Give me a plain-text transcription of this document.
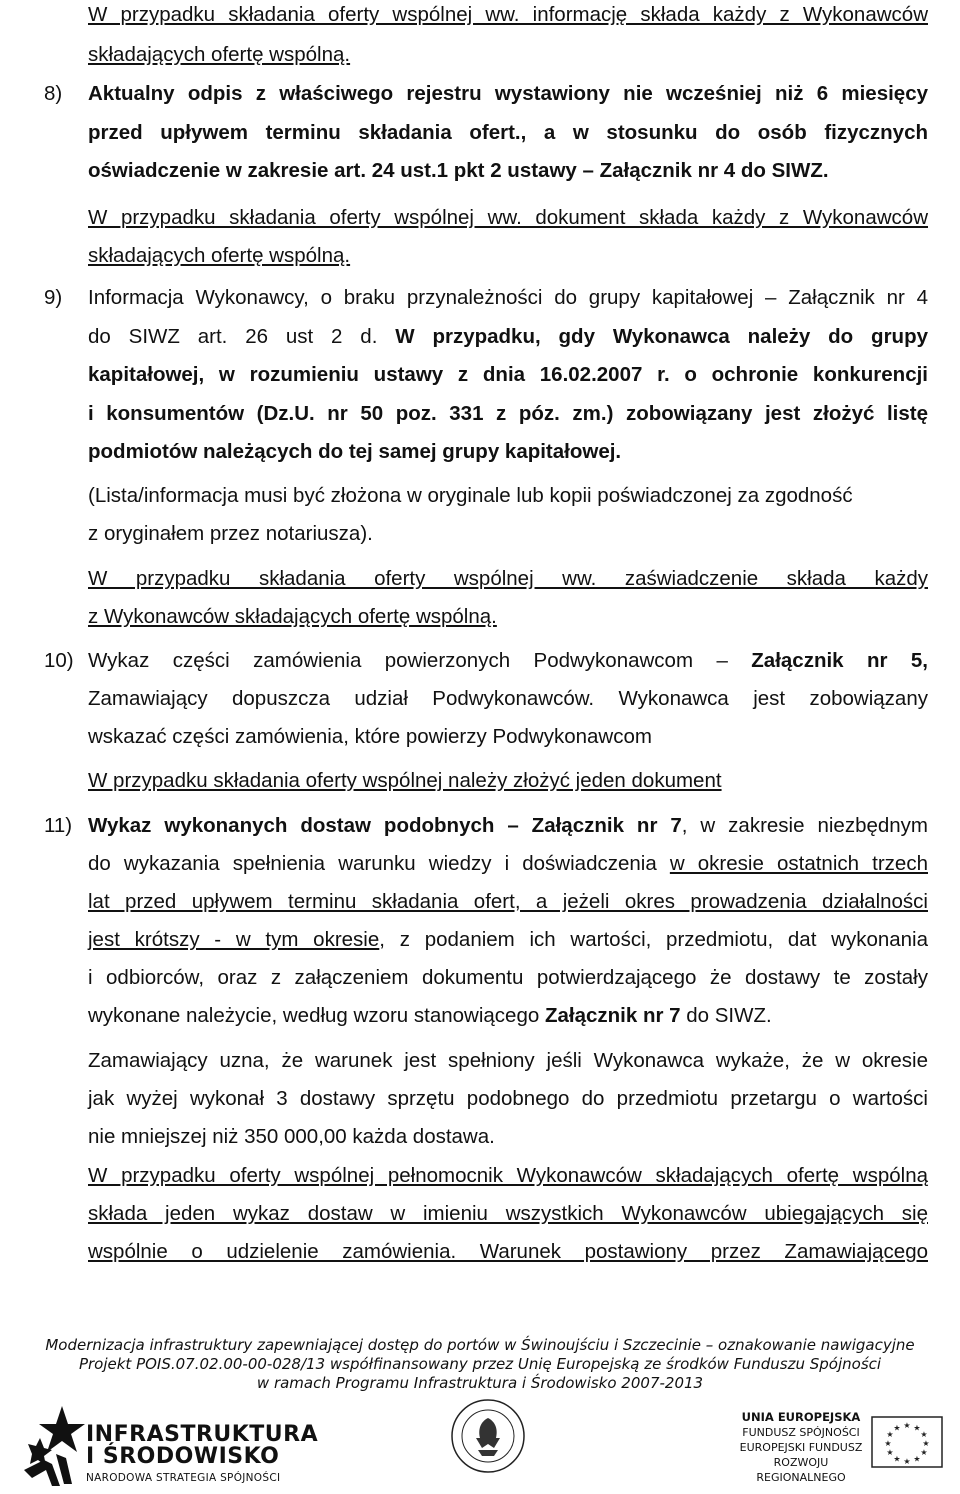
W przypadku składania oferty wspólnej ww. informację składa każdy z Wykonawców
składających ofertę wspólną.
8) Aktualny odpis z właściwego rejestru wystawiony nie wcześniej niż 6 miesięcy
przed upływem terminu składania ofert., a w stosunku do osób fizycznych
oświadczenie w zakresie art. 24 ust.1 pkt 2 ustawy – Załącznik nr 4 do SIWZ.
W przypadku składania oferty wspólnej ww. dokument składa każdy z Wykonawców
składających ofertę wspólną.
9) Informacja Wykonawcy, o braku przynależności do grupy kapitałowej – Załącznik nr 4
do SIWZ art. 26 ust 2 d. W przypadku, gdy Wykonawca należy do grupy
kapitałowej, w rozumieniu ustawy z dnia 16.02.2007 r. o ochronie konkurencji
i konsumentów (Dz.U. nr 50 poz. 331 z póz. zm.) zobowiązany jest złożyć listę
podmiotów należących do tej samej grupy kapitałowej.
(Lista/informacja musi być złożona w oryginale lub kopii poświadczonej za zgodność
z oryginałem przez notariusza).
W przypadku składania oferty wspólnej ww. zaświadczenie składa każdy
z Wykonawców składających ofertę wspólną.
10) Wykaz części zamówienia powierzonych Podwykonawcom – Załącznik nr 5,
Zamawiający dopuszcza udział Podwykonawców. Wykonawca jest zobowiązany
wskazać części zamówienia, które powierzy Podwykonawcom
W przypadku składania oferty wspólnej należy złożyć jeden dokument
11) Wykaz wykonanych dostaw podobnych – Załącznik nr 7, w zakresie niezbędnym
do wykazania spełnienia warunku wiedzy i doświadczenia w okresie ostatnich trzech
lat przed upływem terminu składania ofert, a jeżeli okres prowadzenia działalności
jest krótszy - w tym okresie, z podaniem ich wartości, przedmiotu, dat wykonania
i odbiorców, oraz z załączeniem dokumentu potwierdzającego że dostawy te zostały
wykonane należycie, według wzoru stanowiącego Załącznik nr 7 do SIWZ.
Zamawiający uzna, że warunek jest spełniony jeśli Wykonawca wykaże, że w okresie
jak wyżej wykonał 3 dostawy sprzętu podobnego do przedmiotu przetargu o wartości
nie mniejszej niż 350 000,00 każda dostawa.
W przypadku oferty wspólnej pełnomocnik Wykonawców składających ofertę wspólną
składa jeden wykaz dostaw w imieniu wszystkich Wykonawców ubiegających się
wspólnie o udzielenie zamówienia. Warunek postawiony przez Zamawiającego
Modernizacja infrastruktury zapewniającej dostęp do portów w Świnoujściu i Szczecinie – oznakowanie nawigacyjne
Projekt POIS.07.02.00-00-028/13 współfinansowany przez Unię Europejską ze środków Funduszu Spójności
w ramach Programu Infrastruktura i Środowisko 2007-2013
INFRASTRUKTURA
I ŚRODOWISKO
NARODOWA STRATEGIA SPÓJNOŚCI
UNIA EUROPEJSKA
FUNDUSZ SPÓJNOŚCI
EUROPEJSKI FUNDUSZ
ROZWOJU REGIONALNEGO
★ ★
★
★
★
★
★
★
★
★
★
★
